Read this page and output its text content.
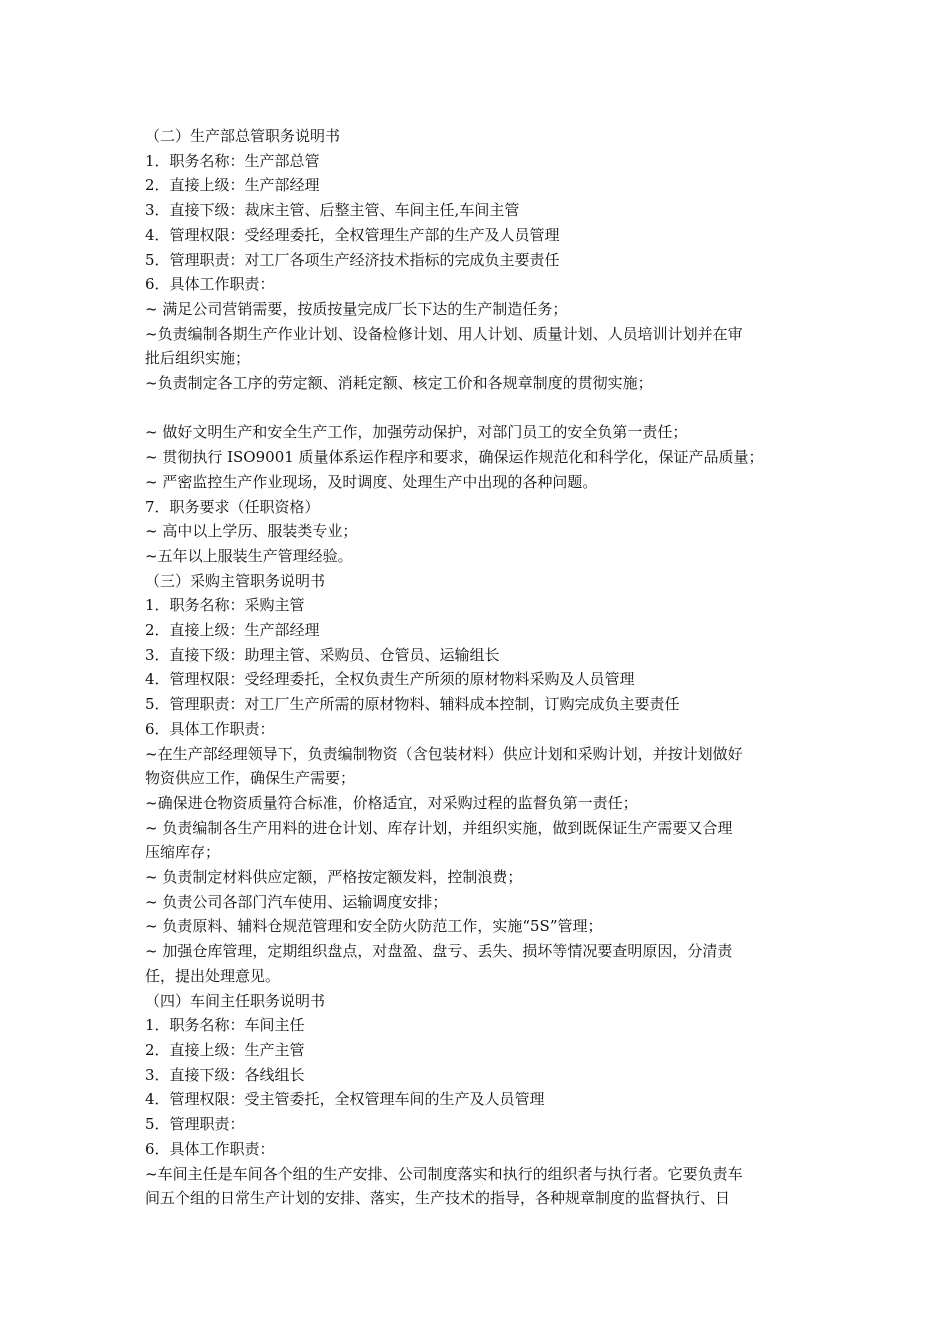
（二）生产部总管职务说明书
1．职务名称：生产部总管
2．直接上级：生产部经理
3．直接下级：裁床主管、后整主管、车间主任,车间主管
4．管理权限：受经理委托，全权管理生产部的生产及人员管理
5．管理职责：对工厂各项生产经济技术指标的完成负主要责任
6．具体工作职责：
~ 满足公司营销需要，按质按量完成厂长下达的生产制造任务；
~负责编制各期生产作业计划、设备检修计划、用人计划、质量计划、人员培训计划并在审
批后组织实施；
~负责制定各工序的劳定额、消耗定额、核定工价和各规章制度的贯彻实施；
~ 做好文明生产和安全生产工作，加强劳动保护，对部门员工的安全负第一责任；
~ 贯彻执行 ISO9001 质量体系运作程序和要求，确保运作规范化和科学化，保证产品质量；
~ 严密监控生产作业现场，及时调度、处理生产中出现的各种问题。
7．职务要求（任职资格）
~ 高中以上学历、服装类专业；
~五年以上服装生产管理经验。
（三）采购主管职务说明书
1．职务名称：采购主管
2．直接上级：生产部经理
3．直接下级：助理主管、采购员、仓管员、运输组长
4．管理权限：受经理委托，全权负责生产所须的原材物料采购及人员管理
5．管理职责：对工厂生产所需的原材物料、辅料成本控制，订购完成负主要责任
6．具体工作职责：
~在生产部经理领导下，负责编制物资（含包装材料）供应计划和采购计划，并按计划做好
物资供应工作，确保生产需要；
~确保进仓物资质量符合标准，价格适宜，对采购过程的监督负第一责任；
~ 负责编制各生产用料的进仓计划、库存计划，并组织实施，做到既保证生产需要又合理
压缩库存；
~ 负责制定材料供应定额，严格按定额发料，控制浪费；
~ 负责公司各部门汽车使用、运输调度安排；
~ 负责原料、辅料仓规范管理和安全防火防范工作，实施“5S”管理；
~ 加强仓库管理，定期组织盘点，对盘盈、盘亏、丢失、损坏等情况要查明原因，分清责
任，提出处理意见。
（四）车间主任职务说明书
1．职务名称：车间主任
2．直接上级：生产主管
3．直接下级：各线组长
4．管理权限：受主管委托，全权管理车间的生产及人员管理
5．管理职责：
6．具体工作职责：
~车间主任是车间各个组的生产安排、公司制度落实和执行的组织者与执行者。它要负责车
间五个组的日常生产计划的安排、落实，生产技术的指导，各种规章制度的监督执行、日
